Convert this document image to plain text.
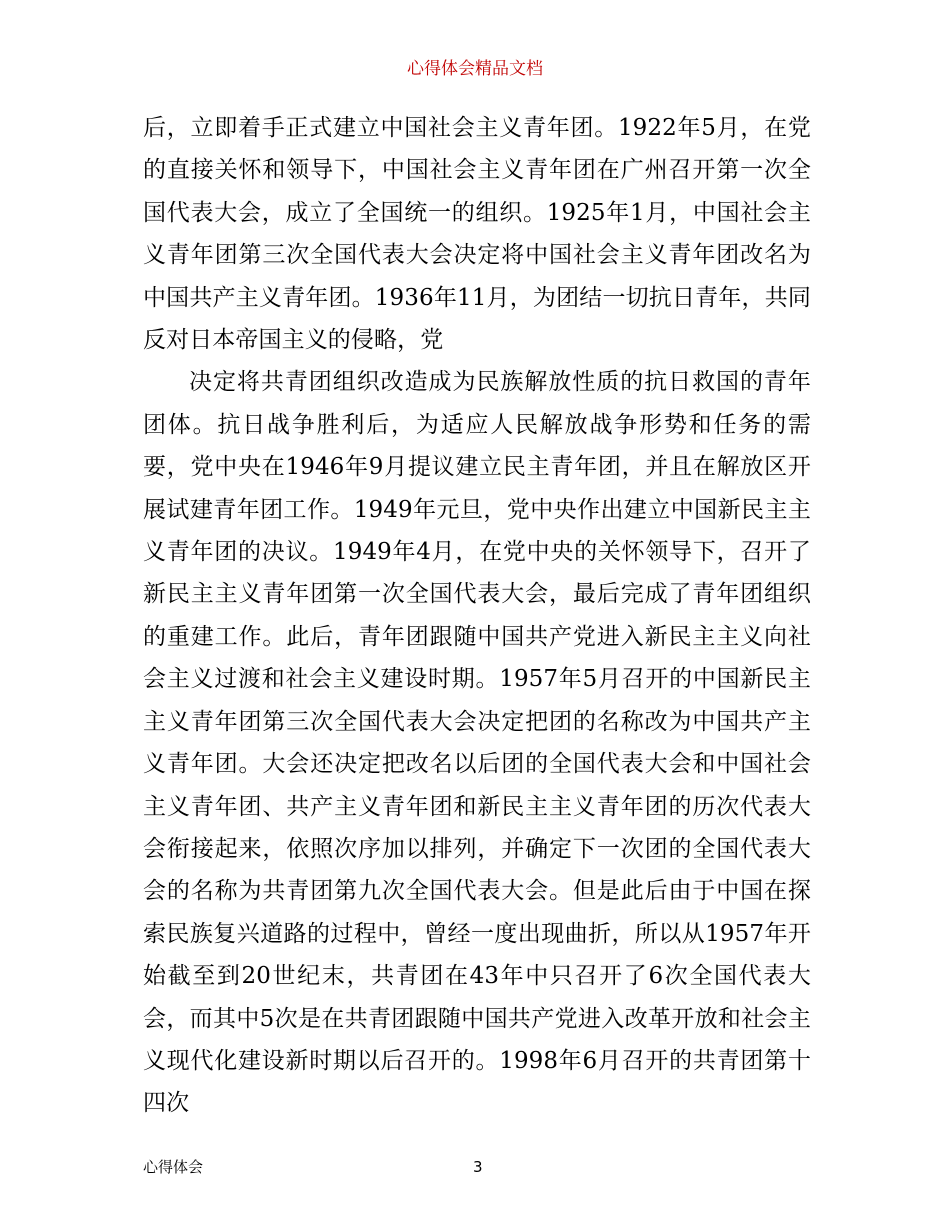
心得体会精品文档

后，立即着手正式建立中国社会主义青年团。1922年5月，在党的直接关怀和领导下，中国社会主义青年团在广州召开第一次全国代表大会，成立了全国统一的组织。1925年1月，中国社会主义青年团第三次全国代表大会决定将中国社会主义青年团改名为中国共产主义青年团。1936年11月，为团结一切抗日青年，共同反对日本帝国主义的侵略，党

决定将共青团组织改造成为民族解放性质的抗日救国的青年团体。抗日战争胜利后，为适应人民解放战争形势和任务的需要，党中央在1946年9月提议建立民主青年团，并且在解放区开展试建青年团工作。1949年元旦，党中央作出建立中国新民主主义青年团的决议。1949年4月，在党中央的关怀领导下，召开了新民主主义青年团第一次全国代表大会，最后完成了青年团组织的重建工作。此后，青年团跟随中国共产党进入新民主主义向社会主义过渡和社会主义建设时期。1957年5月召开的中国新民主主义青年团第三次全国代表大会决定把团的名称改为中国共产主义青年团。大会还决定把改名以后团的全国代表大会和中国社会主义青年团、共产主义青年团和新民主主义青年团的历次代表大会衔接起来，依照次序加以排列，并确定下一次团的全国代表大会的名称为共青团第九次全国代表大会。但是此后由于中国在探索民族复兴道路的过程中，曾经一度出现曲折，所以从1957年开始截至到20世纪末，共青团在43年中只召开了6次全国代表大会，而其中5次是在共青团跟随中国共产党进入改革开放和社会主义现代化建设新时期以后召开的。1998年6月召开的共青团第十四次

心得体会	3
